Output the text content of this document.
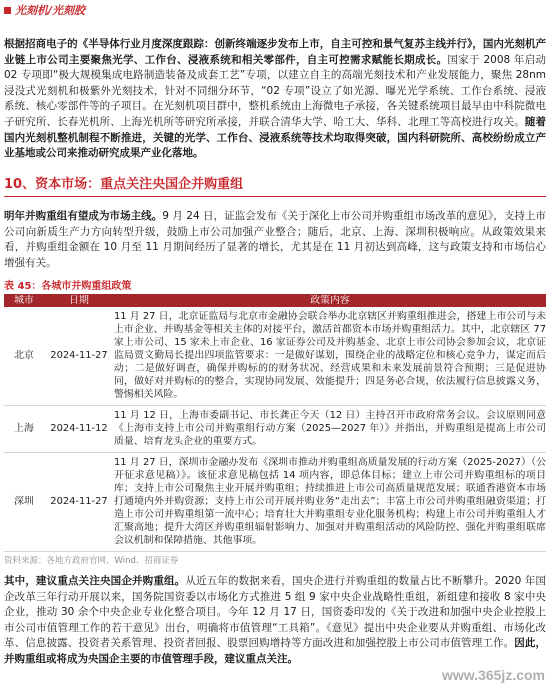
光刻机/光刻胶

根据招商电子的《半导体行业月度深度跟踪：创新终端逐步发布上市，自主可控和景气复苏主线并行》，国内光刻机产业链上市公司主要聚焦光学、工作台、浸液系统和相关零部件，自主可控需求赋能长期成长。国家于 2008 年启动 02 专项即“极大规模集成电路制造装备及成套工艺”专项，以建立自主的高端光刻技术和产业发展能力，聚焦 28nm 浸没式光刻机和极紫外光刻技术，针对不同细分环节，“02 专项”设立了如光源、曝光光学系统、工作台系统、浸液系统、核心零部件等的子项目。在光刻机项目群中，整机系统由上海微电子承接，各关键系统项目最早由中科院微电子研究所、长春光机所、上海光机所等研究所承接，并联合清华大学、哈工大、华科、北理工等高校进行攻关。随着国内光刻机整机制程不断推进，关键的光学、工作台、浸液系统等技术均取得突破，国内科研院所、高校纷纷成立产业基地或公司来推动研究成果产业化落地。

10、资本市场：重点关注央国企并购重组

明年并购重组有望成为市场主线。9 月 24 日，证监会发布《关于深化上市公司并购重组市场改革的意见》，支持上市公司向新质生产力方向转型升级，鼓励上市公司加强产业整合；随后，北京、上海、深圳积极响应。从政策效果来看，并购重组金额在 10 月至 11 月期间经历了显著的增长，尤其是在 11 月初达到高峰，这与政策支持和市场信心增强有关。

表 45：各城市并购重组政策
城市	日期	政策内容
北京	2024-11-27	11 月 27 日，北京证监局与北京市金融协会联合举办北京辖区并购重组推进会，搭建上市公司与未上市企业、并购基金等相关主体的对接平台，激活首都资本市场并购重组活力。其中，北京辖区 77 家上市公司、15 家未上市企业、16 家证券公司及并购基金、北京上市公司协会参加会议，北京证监局贾文勤局长提出四项监管要求：一是做好谋划，围绕企业的战略定位和核心竞争力，谋定而后动；二是做好调查，确保并购标的的财务状况、经营成果和未来发展前景符合预期；三是促进协同，做好对并购标的的整合，实现协同发展、效能提升；四是务必合规，依法履行信息披露义务，警惕相关风险。
上海	2024-11-12	11 月 12 日，上海市委副书记、市长龚正今天（12 日）主持召开市政府常务会议。会议原则同意《上海市支持上市公司并购重组行动方案（2025—2027 年）》并指出，并购重组是提高上市公司质量、培育龙头企业的重要方式。
深圳	2024-11-27	11 月 27 日，深圳市金融办发布《深圳市推动并购重组高质量发展的行动方案（2025-2027）（公开征求意见稿）》。该征求意见稿包括 14 项内容，即总体目标；建立上市公司并购重组标的项目库；支持上市公司聚焦主业开展并购重组；持续推进上市公司高质量规范发展；联通香港资本市场打通境内外并购资源；支持上市公司开展并购业务“走出去”；丰富上市公司并购重组融资渠道；打造上市公司并购重组第一流中心；培育壮大并购重组专业化服务机构；构建上市公司并购重组人才汇聚高地；提升大湾区并购重组辐射影响力、加强对并购重组活动的风险防控、强化并购重组联席会议机制和保障措施、其他事项。
资料来源：各地方政府官网、Wind、招商证券

其中，建议重点关注央国企并购重组。从近五年的数据来看，国央企进行并购重组的数量占比不断攀升。2020 年国企改革三年行动开展以来，国务院国资委以市场化方式推进 5 组 9 家中央企业战略性重组，新组建和接收 8 家中央企业，推动 30 余个中央企业专业化整合项目。今年 12 月 17 日，国资委印发的《关于改进和加强中央企业控股上市公司市值管理工作的若干意见》出台，明确将市值管理“工具箱”。《意见》提出中央企业要从并购重组、市场化改革、信息披露、投资者关系管理、投资者回报、股票回购增持等方面改进和加强控股上市公司市值管理工作。因此，并购重组或将成为央国企主要的市值管理手段，建议重点关注。

www.365jz.com
